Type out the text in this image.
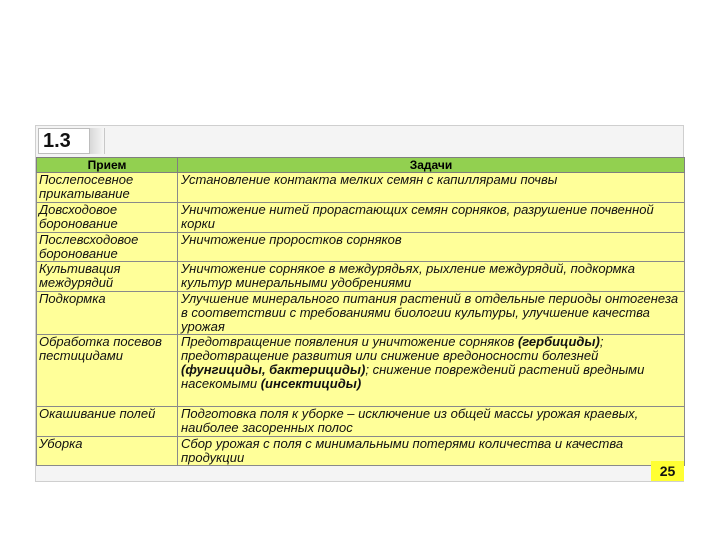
1.3
Прием	Задачи
Послепосевное прикатывание	Установление контакта мелких семян с капиллярами почвы
Довсходовое боронование	Уничтожение нитей прорастающих семян сорняков, разрушение почвенной корки
Послевсходовое боронование	Уничтожение проростков сорняков
Культивация междурядий	Уничтожение сорнякое в междурядьях, рыхление междурядий, подкормка культур минеральными удобрениями
Подкормка	Улучшение минерального питания растений в отдельные периоды онтогенеза в соответствии с требованиями биологии культуры, улучшение качества урожая
Обработка посевов пестицидами	Предотвращение появления и уничтожение сорняков (гербициды); предотвращение развития или снижение вредоносности болезней (фунгициды, бактерициды); снижение повреждений растений вредными насекомыми (инсектициды)
Окашивание полей	Подготовка поля к уборке – исключение из общей массы урожая краевых, наиболее засоренных полос
Уборка	Сбор урожая с поля с минимальными потерями количества и качества продукции
25
